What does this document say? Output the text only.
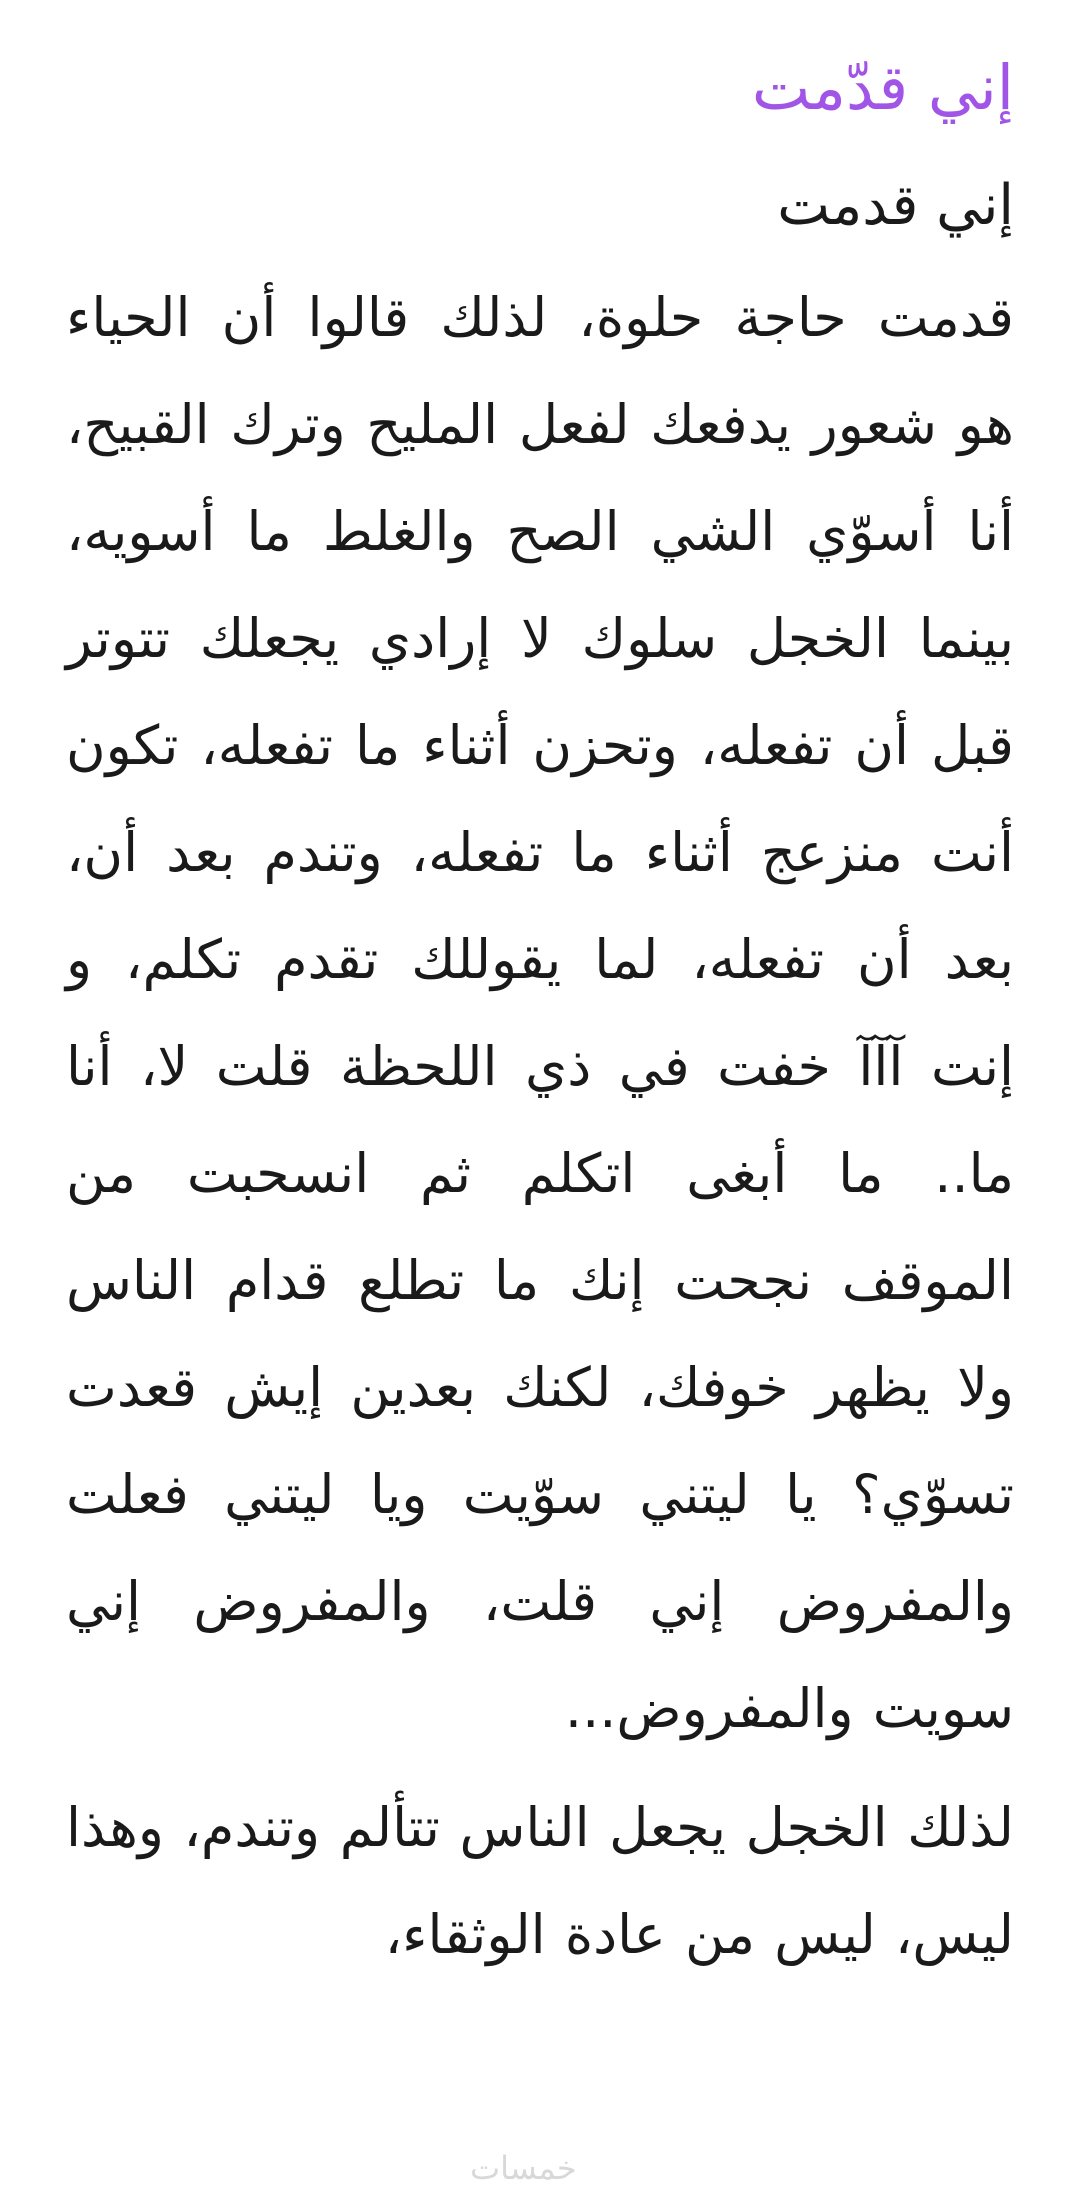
إني قدّمت
إني قدمت

قدمت حاجة حلوة، لذلك قالوا أن الحياء هو شعور يدفعك لفعل المليح وترك القبيح، أنا أسوّي الشي الصح والغلط ما أسويه، بينما الخجل سلوك لا إرادي يجعلك تتوتر قبل أن تفعله، وتحزن أثناء ما تفعله، تكون أنت منزعج أثناء ما تفعله، وتندم بعد أن، بعد أن تفعله، لما يقوللك تقدم تكلم، و إنت آآآ خفت في ذي اللحظة قلت لا، أنا ما.. ما أبغى اتكلم ثم انسحبت من الموقف نجحت إنك ما تطلع قدام الناس ولا يظهر خوفك، لكنك بعدين إيش قعدت تسوّي؟ يا ليتني سوّيت ويا ليتني فعلت والمفروض إني قلت، والمفروض إني سويت والمفروض...

لذلك الخجل يجعل الناس تتألم وتندم، وهذا ليس، ليس من عادة الوثقاء،

خمسات
